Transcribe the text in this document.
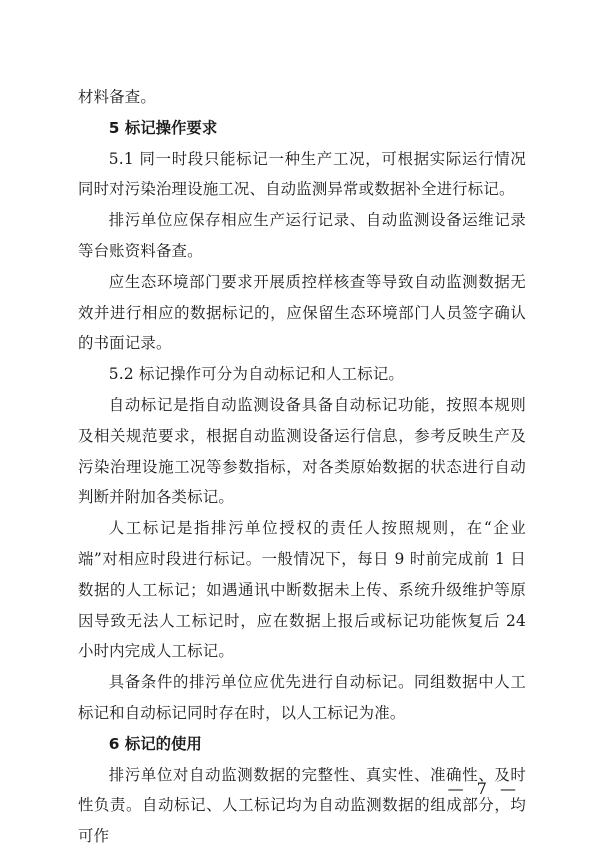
材料备查。

5 标记操作要求

5.1 同一时段只能标记一种生产工况，可根据实际运行情况同时对污染治理设施工况、自动监测异常或数据补全进行标记。

排污单位应保存相应生产运行记录、自动监测设备运维记录等台账资料备查。

应生态环境部门要求开展质控样核查等导致自动监测数据无效并进行相应的数据标记的，应保留生态环境部门人员签字确认的书面记录。

5.2 标记操作可分为自动标记和人工标记。

自动标记是指自动监测设备具备自动标记功能，按照本规则及相关规范要求，根据自动监测设备运行信息，参考反映生产及污染治理设施工况等参数指标，对各类原始数据的状态进行自动判断并附加各类标记。

人工标记是指排污单位授权的责任人按照规则，在“企业端”对相应时段进行标记。一般情况下，每日 9 时前完成前 1 日数据的人工标记；如遇通讯中断数据未上传、系统升级维护等原因导致无法人工标记时，应在数据上报后或标记功能恢复后 24 小时内完成人工标记。

具备条件的排污单位应优先进行自动标记。同组数据中人工标记和自动标记同时存在时，以人工标记为准。

6 标记的使用

排污单位对自动监测数据的完整性、真实性、准确性、及时性负责。自动标记、人工标记均为自动监测数据的组成部分，均可作

— 7 —
